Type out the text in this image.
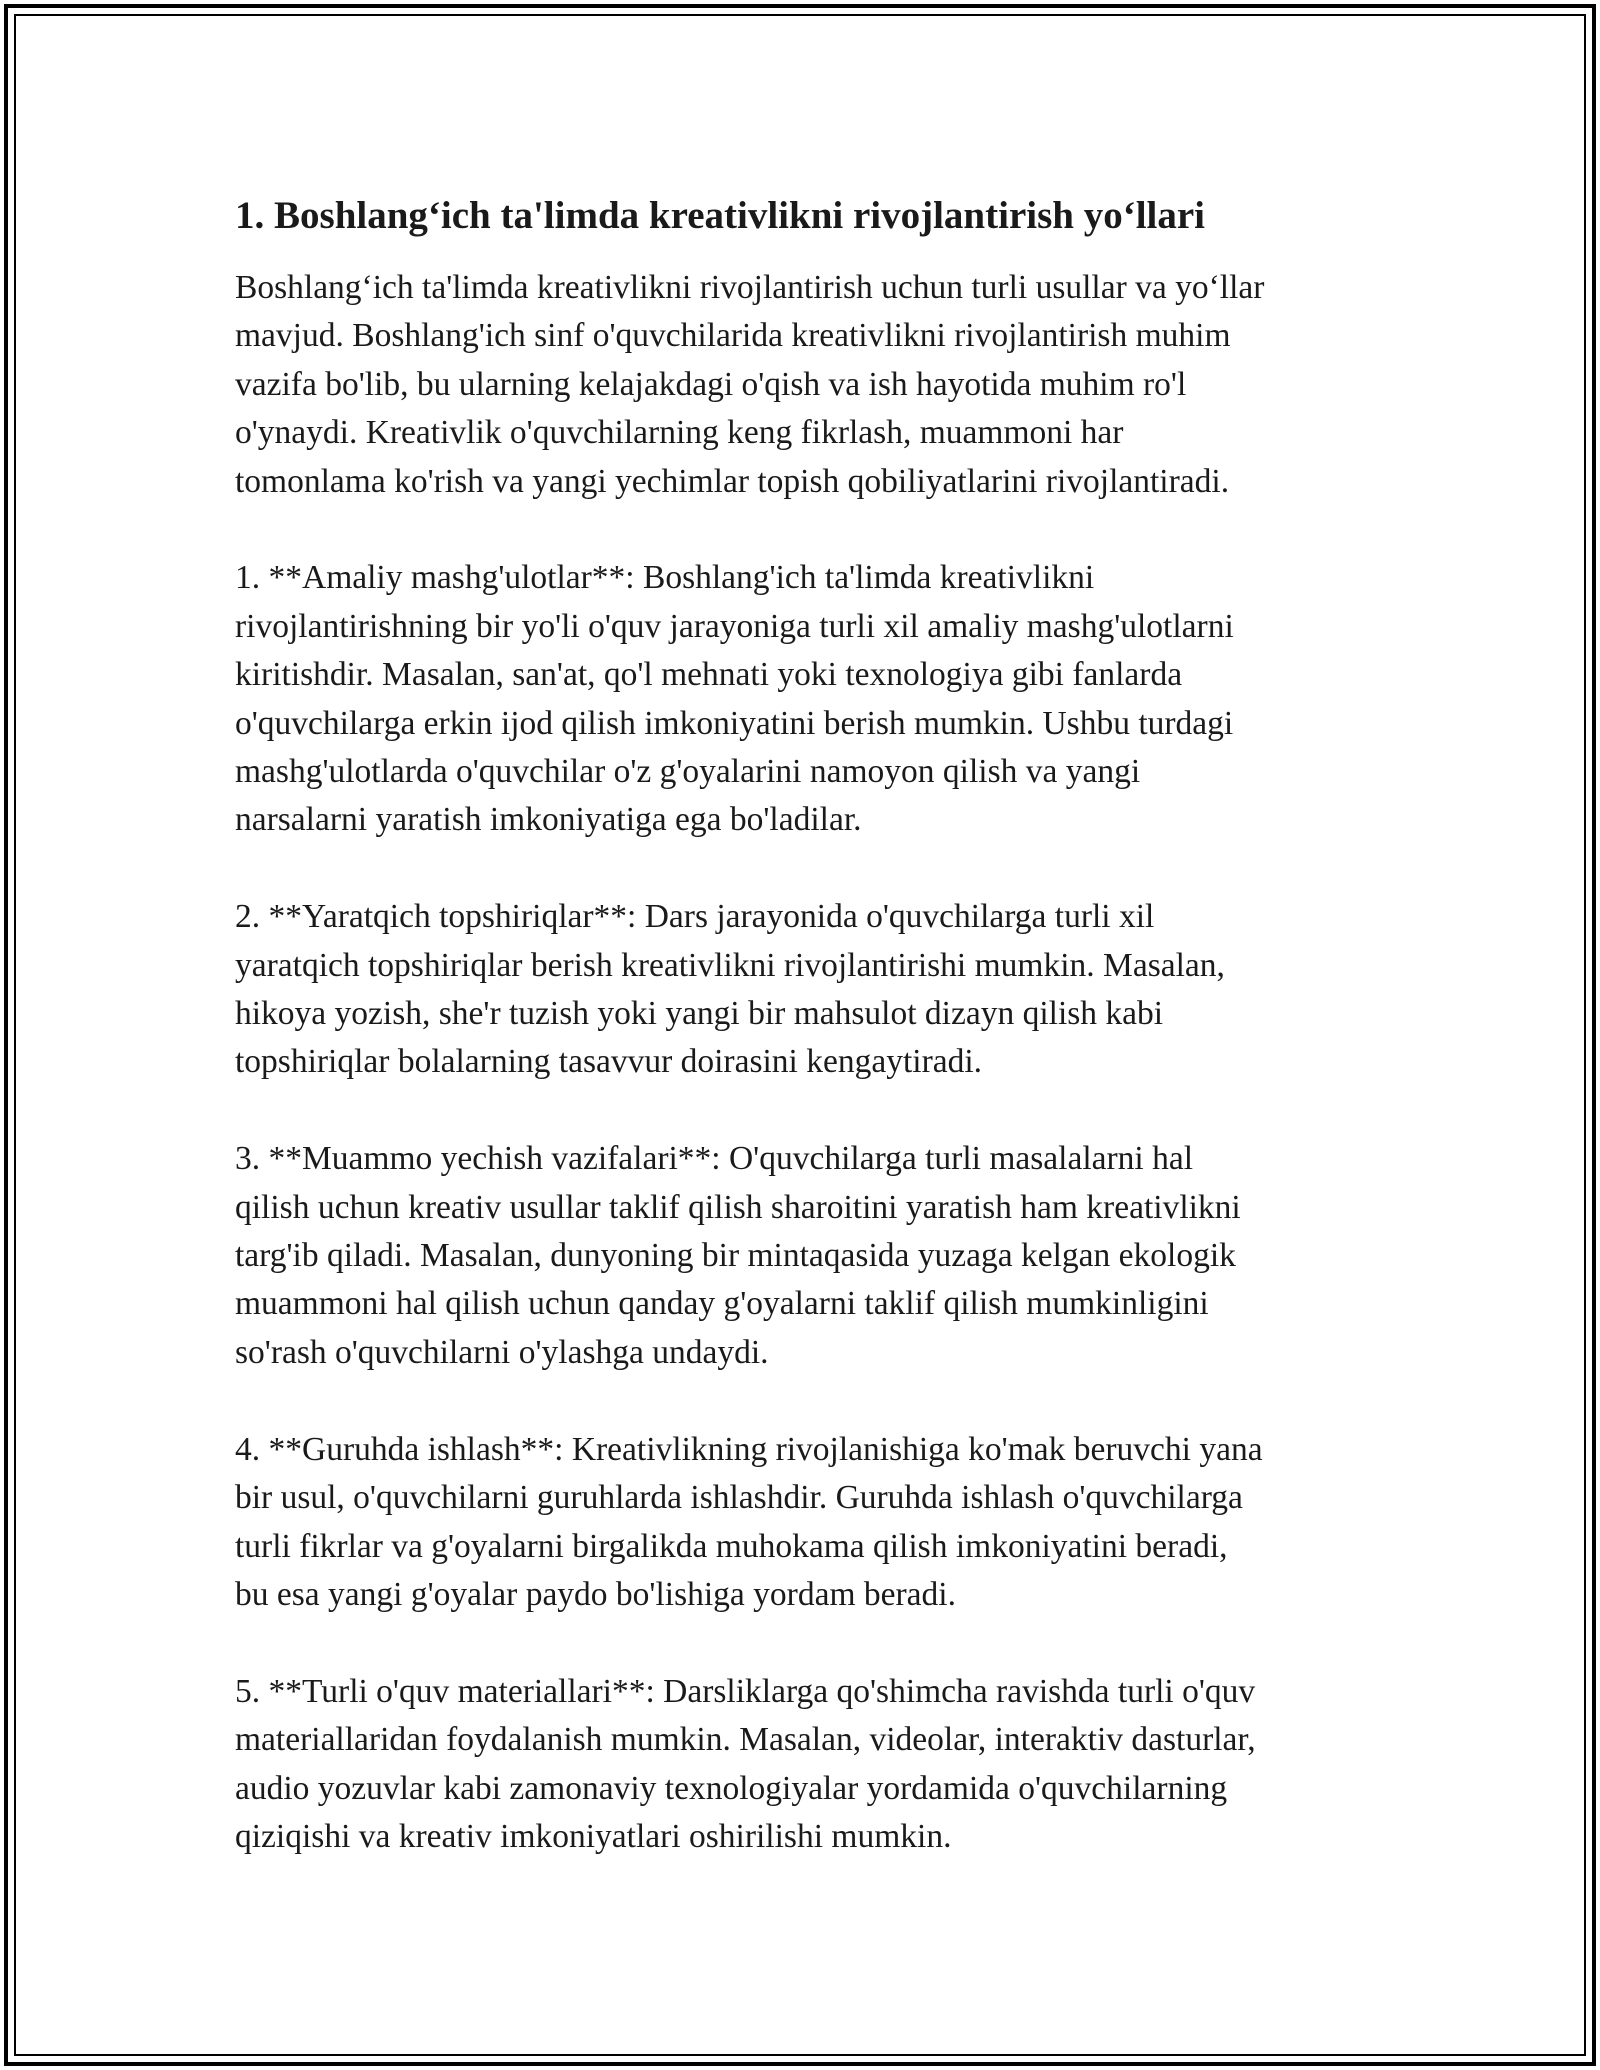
1. Boshlang‘ich ta'limda kreativlikni rivojlantirish yo‘llari

Boshlang‘ich ta'limda kreativlikni rivojlantirish uchun turli usullar va yo‘llar
mavjud. Boshlang'ich sinf o'quvchilarida kreativlikni rivojlantirish muhim
vazifa bo'lib, bu ularning kelajakdagi o'qish va ish hayotida muhim ro'l
o'ynaydi. Kreativlik o'quvchilarning keng fikrlash, muammoni har
tomonlama ko'rish va yangi yechimlar topish qobiliyatlarini rivojlantiradi.

1. **Amaliy mashg'ulotlar**: Boshlang'ich ta'limda kreativlikni
rivojlantirishning bir yo'li o'quv jarayoniga turli xil amaliy mashg'ulotlarni
kiritishdir. Masalan, san'at, qo'l mehnati yoki texnologiya gibi fanlarda
o'quvchilarga erkin ijod qilish imkoniyatini berish mumkin. Ushbu turdagi
mashg'ulotlarda o'quvchilar o'z g'oyalarini namoyon qilish va yangi
narsalarni yaratish imkoniyatiga ega bo'ladilar.

2. **Yaratqich topshiriqlar**: Dars jarayonida o'quvchilarga turli xil
yaratqich topshiriqlar berish kreativlikni rivojlantirishi mumkin. Masalan,
hikoya yozish, she'r tuzish yoki yangi bir mahsulot dizayn qilish kabi
topshiriqlar bolalarning tasavvur doirasini kengaytiradi.

3. **Muammo yechish vazifalari**: O'quvchilarga turli masalalarni hal
qilish uchun kreativ usullar taklif qilish sharoitini yaratish ham kreativlikni
targ'ib qiladi. Masalan, dunyoning bir mintaqasida yuzaga kelgan ekologik
muammoni hal qilish uchun qanday g'oyalarni taklif qilish mumkinligini
so'rash o'quvchilarni o'ylashga undaydi.

4. **Guruhda ishlash**: Kreativlikning rivojlanishiga ko'mak beruvchi yana
bir usul, o'quvchilarni guruhlarda ishlashdir. Guruhda ishlash o'quvchilarga
turli fikrlar va g'oyalarni birgalikda muhokama qilish imkoniyatini beradi,
bu esa yangi g'oyalar paydo bo'lishiga yordam beradi.

5. **Turli o'quv materiallari**: Darsliklarga qo'shimcha ravishda turli o'quv
materiallaridan foydalanish mumkin. Masalan, videolar, interaktiv dasturlar,
audio yozuvlar kabi zamonaviy texnologiyalar yordamida o'quvchilarning
qiziqishi va kreativ imkoniyatlari oshirilishi mumkin.
